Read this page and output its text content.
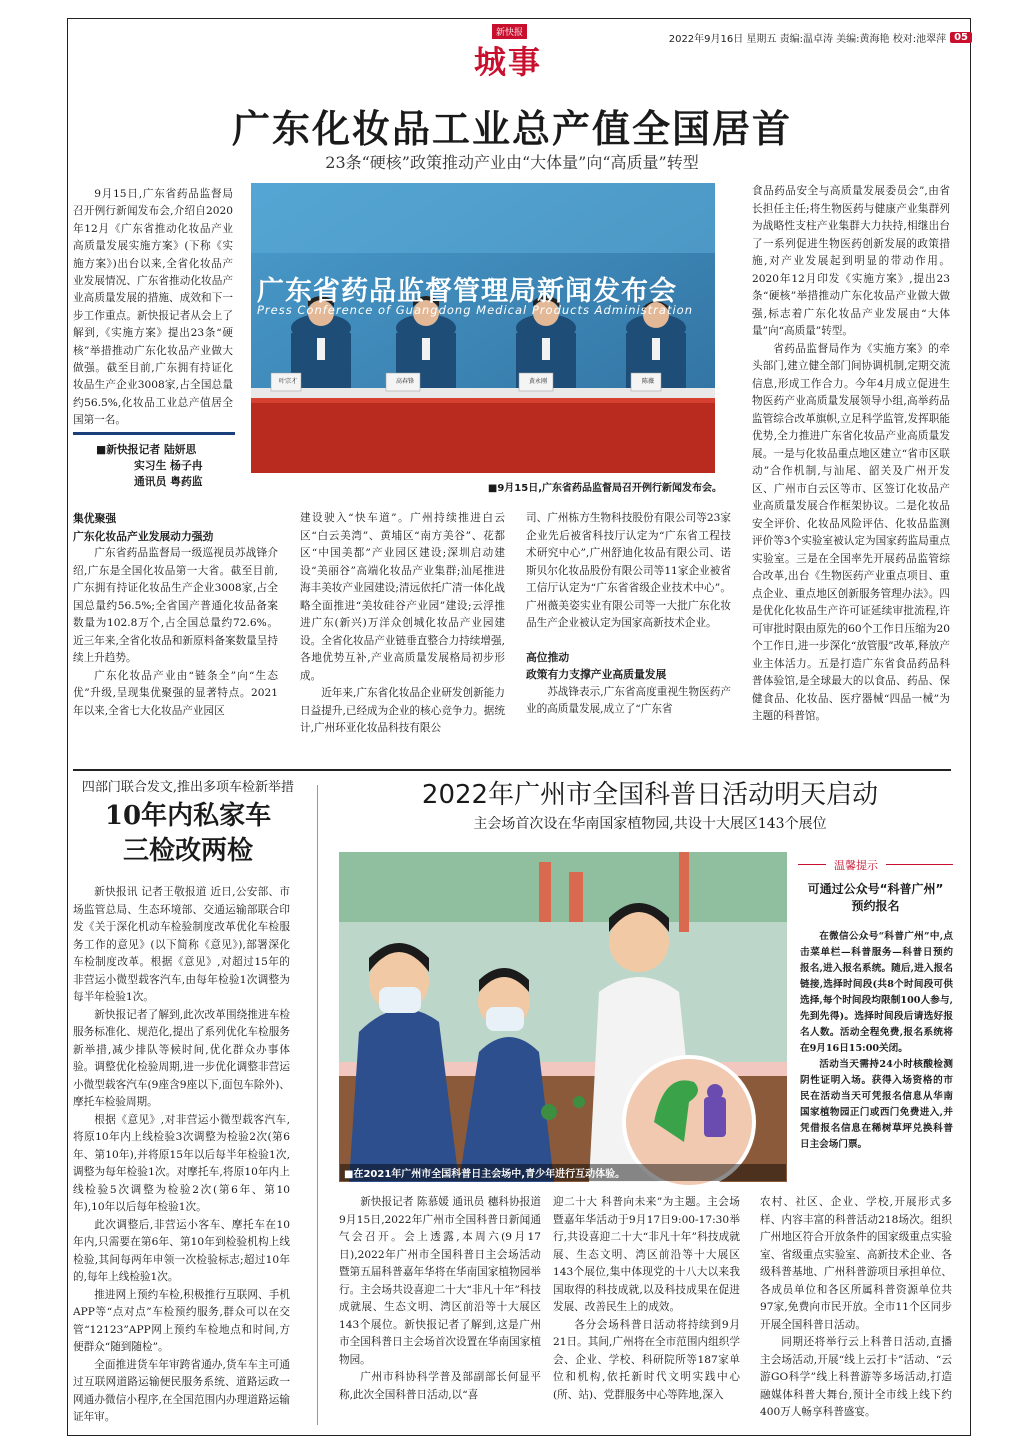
新快报
城事
2022年9月16日 星期五 责编:温卓涛 美编:黄海艳 校对:池翠萍 05
广东化妆品工业总产值全国居首
23条“硬核”政策推动产业由“大体量”向“高质量”转型

9月15日,广东省药品监督局召开例行新闻发布会,介绍自2020年12月《广东省推动化妆品产业高质量发展实施方案》(下称《实施方案》)出台以来,全省化妆品产业发展情况、广东省推动化妆品产业高质量发展的措施、成效和下一步工作重点。新快报记者从会上了解到,《实施方案》提出23条“硬核”举措推动广东化妆品产业做大做强。截至目前,广东拥有持证化妆品生产企业3008家,占全国总量约56.5%,化妆品工业总产值居全国第一名。

■新快报记者 陆妍思
实习生 杨子冉
通讯员 粤药监
广东省药品监督管理局新闻发布会
Press Conference of Guangdong Medical Products Administration
叶宗才	高春锋	黄永刚	陈薇
■9月15日,广东省药品监督局召开例行新闻发布会。

食品药品安全与高质量发展委员会”,由省长担任主任;将生物医药与健康产业集群列为战略性支柱产业集群大力扶持,相继出台了一系列促进生物医药创新发展的政策措施,对产业发展起到明显的带动作用。2020年12月印发《实施方案》,提出23条“硬核”举措推动广东化妆品产业做大做强,标志着广东化妆品产业发展由“大体量”向“高质量”转型。

省药品监督局作为《实施方案》的牵头部门,建立健全部门间协调机制,定期交流信息,形成工作合力。今年4月成立促进生物医药产业高质量发展领导小组,高举药品监管综合改革旗帜,立足科学监管,发挥职能优势,全力推进广东省化妆品产业高质量发展。一是与化妆品重点地区建立“省市区联动”合作机制,与汕尾、韶关及广州开发区、广州市白云区等市、区签订化妆品产业高质量发展合作框架协议。二是化妆品安全评价、化妆品风险评估、化妆品监测评价等3个实验室被认定为国家药监局重点实验室。三是在全国率先开展药品监管综合改革,出台《生物医药产业重点项目、重点企业、重点地区创新服务管理办法》。四是优化化妆品生产许可证延续审批流程,许可审批时限由原先的60个工作日压缩为20个工作日,进一步深化“放管服”改革,释放产业主体活力。五是打造广东省食品药品科普体验馆,是全球最大的以食品、药品、保健食品、化妆品、医疗器械“四品一械”为主题的科普馆。

集优聚强
广东化妆品产业发展动力强劲

广东省药品监督局一级巡视员苏战锋介绍,广东是全国化妆品第一大省。截至目前,广东拥有持证化妆品生产企业3008家,占全国总量约56.5%;全省国产普通化妆品备案数量为102.8万个,占全国总量约72.6%。近三年来,全省化妆品和新原料备案数量呈持续上升趋势。

广东化妆品产业由“链条全”向“生态优”升级,呈现集优聚强的显著特点。2021年以来,全省七大化妆品产业园区

建设驶入“快车道”。广州持续推进白云区“白云美湾”、黄埔区“南方美谷”、花都区“中国美都”产业园区建设;深圳启动建设“美丽谷”高端化妆品产业集群;汕尾推进海丰美妆产业园建设;清远依托广清一体化战略全面推进“美妆硅谷产业园”建设;云浮推进广东(新兴)万洋众创城化妆品产业园建设。全省化妆品产业链垂直整合力持续增强,各地优势互补,产业高质量发展格局初步形成。

近年来,广东省化妆品企业研发创新能力日益提升,已经成为企业的核心竞争力。据统计,广州环亚化妆品科技有限公

司、广州栋方生物科技股份有限公司等23家企业先后被省科技厅认定为“广东省工程技术研究中心”,广州舒迪化妆品有限公司、诺斯贝尔化妆品股份有限公司等11家企业被省工信厅认定为“广东省省级企业技术中心”。广州薇美姿实业有限公司等一大批广东化妆品生产企业被认定为国家高新技术企业。

高位推动
政策有力支撑产业高质量发展

苏战锋表示,广东省高度重视生物医药产业的高质量发展,成立了“广东省

四部门联合发文,推出多项车检新举措
10年内私家车
三检改两检

新快报讯 记者王敬报道 近日,公安部、市场监管总局、生态环境部、交通运输部联合印发《关于深化机动车检验制度改革优化车检服务工作的意见》(以下简称《意见》),部署深化车检制度改革。根据《意见》,对超过15年的非营运小微型载客汽车,由每年检验1次调整为每半年检验1次。

新快报记者了解到,此次改革围绕推进车检服务标准化、规范化,提出了系列优化车检服务新举措,减少排队等候时间,优化群众办事体验。调整优化检验周期,进一步优化调整非营运小微型载客汽车(9座含9座以下,面包车除外)、摩托车检验周期。

根据《意见》,对非营运小微型载客汽车,将原10年内上线检验3次调整为检验2次(第6年、第10年),并将原15年以后每半年检验1次,调整为每年检验1次。对摩托车,将原10年内上线检验5次调整为检验2次(第6年、第10年),10年以后每年检验1次。

此次调整后,非营运小客车、摩托车在10年内,只需要在第6年、第10年到检验机构上线检验,其间每两年申领一次检验标志;超过10年的,每年上线检验1次。

推进网上预约车检,积极推行互联网、手机APP等“点对点”车检预约服务,群众可以在交管“12123”APP网上预约车检地点和时间,方便群众“随到随检”。

全面推进货车年审跨省通办,货车车主可通过互联网道路运输便民服务系统、道路运政一网通办微信小程序,在全国范围内办理道路运输证年审。

2022年广州市全国科普日活动明天启动
主会场首次设在华南国家植物园,共设十大展区143个展位
■在2021年广州市全国科普日主会场中,青少年进行互动体验。
温馨提示
可通过公众号“科普广州”
预约报名

在微信公众号“科普广州”中,点击菜单栏—科普服务—科普日预约报名,进入报名系统。随后,进入报名链接,选择时间段(共8个时间段可供选择,每个时间段均限制100人参与,先到先得)。选择时间段后请选好报名人数。活动全程免费,报名系统将在9月16日15:00关闭。

活动当天需持24小时核酸检测阴性证明入场。获得入场资格的市民在活动当天可凭报名信息从华南国家植物园正门或西门免费进入,并凭借报名信息在稀树草坪兑换科普日主会场门票。

新快报记者 陈慕媛 通讯员 穗科协报道 9月15日,2022年广州市全国科普日新闻通气会召开。会上透露,本周六(9月17日),2022年广州市全国科普日主会场活动暨第五届科普嘉年华将在华南国家植物园举行。主会场共设喜迎二十大“非凡十年”科技成就展、生态文明、湾区前沿等十大展区143个展位。新快报记者了解到,这是广州市全国科普日主会场首次设置在华南国家植物园。

广州市科协科学普及部副部长何显平称,此次全国科普日活动,以“喜

迎二十大 科普向未来”为主题。主会场暨嘉年华活动于9月17日9:00-17:30举行,共设喜迎二十大“非凡十年”科技成就展、生态文明、湾区前沿等十大展区143个展位,集中体现党的十八大以来我国取得的科技成就,以及科技成果在促进发展、改善民生上的成效。

各分会场科普日活动将持续到9月21日。其间,广州将在全市范围内组织学会、企业、学校、科研院所等187家单位和机构,依托新时代文明实践中心(所、站)、党群服务中心等阵地,深入

农村、社区、企业、学校,开展形式多样、内容丰富的科普活动218场次。组织广州地区符合开放条件的国家级重点实验室、省级重点实验室、高新技术企业、各级科普基地、广州科普游项目承担单位、各成员单位和各区所属科普资源单位共97家,免费向市民开放。全市11个区同步开展全国科普日活动。

同期还将举行云上科普日活动,直播主会场活动,开展“线上云打卡”活动、“云游GO科学”线上科普游等多场活动,打造融媒体科普大舞台,预计全市线上线下约400万人畅享科普盛宴。
